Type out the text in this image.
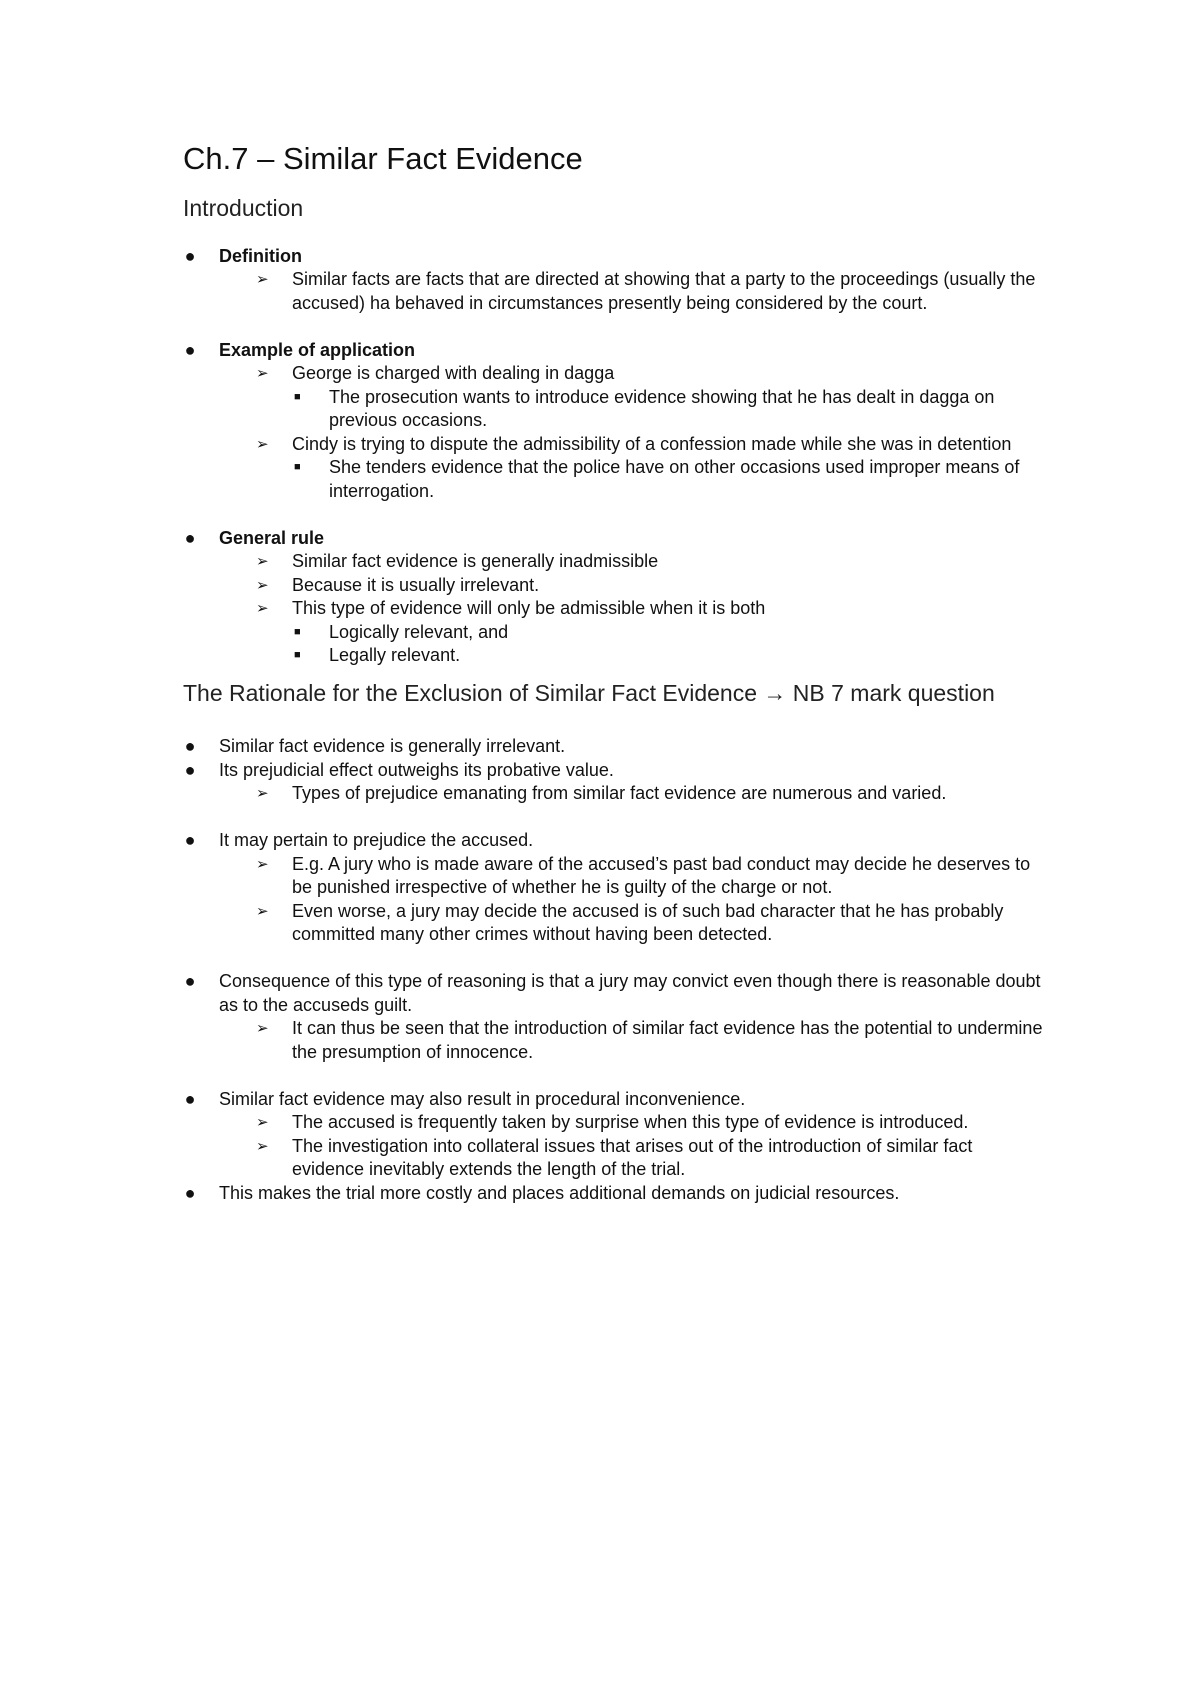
Ch.7 – Similar Fact Evidence
Introduction
● Definition
➢ Similar facts are facts that are directed at showing that a party to the proceedings (usually the accused) ha behaved in circumstances presently being considered by the court.
● Example of application
➢ George is charged with dealing in dagga
■ The prosecution wants to introduce evidence showing that he has dealt in dagga on previous occasions.
➢ Cindy is trying to dispute the admissibility of a confession made while she was in detention
■ She tenders evidence that the police have on other occasions used improper means of interrogation.
● General rule
➢ Similar fact evidence is generally inadmissible
➢ Because it is usually irrelevant.
➢ This type of evidence will only be admissible when it is both
■ Logically relevant, and
■ Legally relevant.
The Rationale for the Exclusion of Similar Fact Evidence → NB 7 mark question
● Similar fact evidence is generally irrelevant.
● Its prejudicial effect outweighs its probative value.
➢ Types of prejudice emanating from similar fact evidence are numerous and varied.
● It may pertain to prejudice the accused.
➢ E.g. A jury who is made aware of the accused’s past bad conduct may decide he deserves to be punished irrespective of whether he is guilty of the charge or not.
➢ Even worse, a jury may decide the accused is of such bad character that he has probably committed many other crimes without having been detected.
● Consequence of this type of reasoning is that a jury may convict even though there is reasonable doubt as to the accuseds guilt.
➢ It can thus be seen that the introduction of similar fact evidence has the potential to undermine the presumption of innocence.
● Similar fact evidence may also result in procedural inconvenience.
➢ The accused is frequently taken by surprise when this type of evidence is introduced.
➢ The investigation into collateral issues that arises out of the introduction of similar fact evidence inevitably extends the length of the trial.
● This makes the trial more costly and places additional demands on judicial resources.
